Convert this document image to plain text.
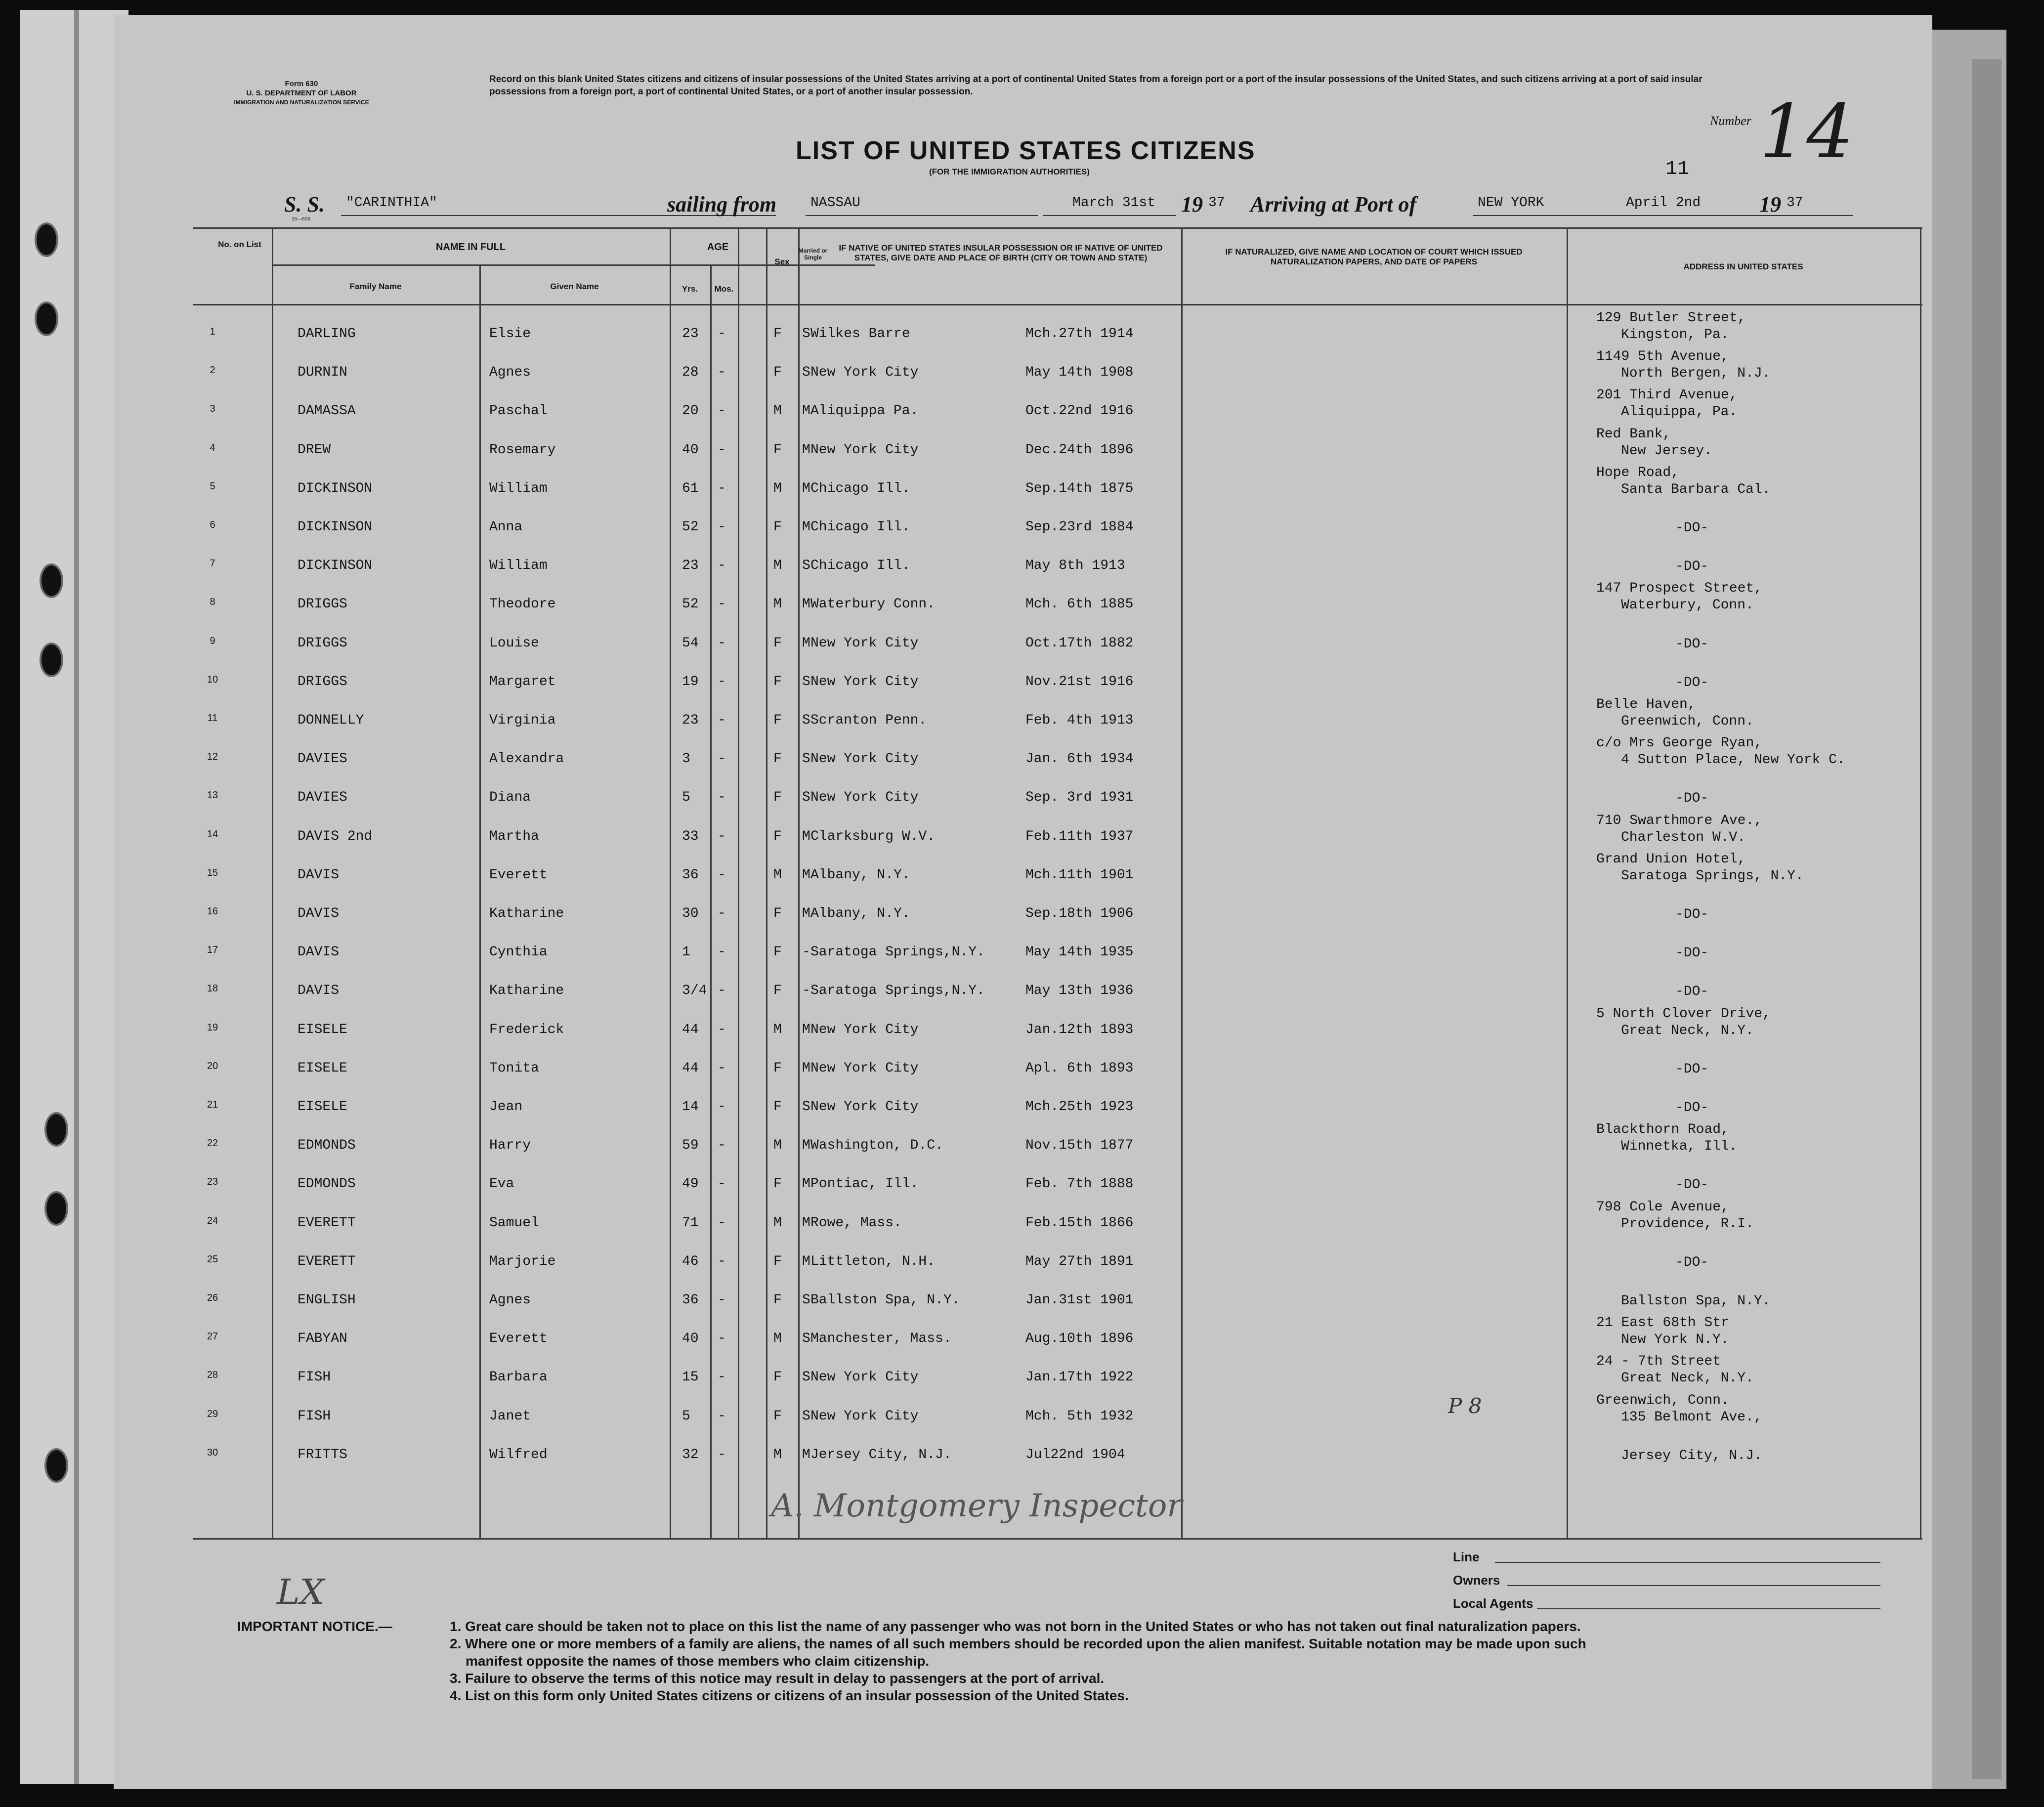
Form 630
U. S. DEPARTMENT OF LABOR
IMMIGRATION AND NATURALIZATION SERVICE
Record on this blank United States citizens and citizens of insular possessions of the United States arriving at a port of continental United States from a foreign port or a port of the insular possessions of the United States, and such citizens arriving at a port of said insular possessions from a foreign port, a port of continental United States, or a port of another insular possession.
Number 14
LIST OF UNITED STATES CITIZENS
(FOR THE IMMIGRATION AUTHORITIES)	11
S. S. "CARINTHIA"
16—606
sailing from NASSAU	March 31st 19 37 Arriving at Port of	NEW YORK	April 2nd	19 37
No. on List	NAME IN FULL
Family Name	Given Name
AGE
Yrs.	Mos.
Sex
Married or Single
IF NATIVE OF UNITED STATES INSULAR POSSESSION OR IF NATIVE OF UNITED STATES, GIVE DATE AND PLACE OF BIRTH (CITY OR TOWN AND STATE)
IF NATURALIZED, GIVE NAME AND LOCATION OF COURT WHICH ISSUED NATURALIZATION PAPERS, AND DATE OF PAPERS
ADDRESS IN UNITED STATES
1	DARLING	Elsie	23 -	F S Wilkes Barre	Mch.27th 1914
129 Butler Street,
Kingston, Pa.
2	DURNIN	Agnes	28 -	F S New York City	May 14th 1908
1149 5th Avenue,
North Bergen, N.J.
3	DAMASSA	Paschal	20 -	M M Aliquippa Pa.	Oct.22nd 1916
201 Third Avenue,
Aliquippa, Pa.
4	DREW	Rosemary	40 -	F M New York City	Dec.24th 1896
Red Bank,
New Jersey.
5	DICKINSON	William	61 -	M M Chicago Ill.	Sep.14th 1875
Hope Road,
Santa Barbara Cal.
6	DICKINSON	Anna	52 -	F M Chicago Ill.	Sep.23rd 1884	-DO-
7	DICKINSON	William	23 -	M S Chicago Ill.	May 8th 1913	-DO-
8	DRIGGS	Theodore	52 -	M M Waterbury Conn.	Mch. 6th 1885
147 Prospect Street,
Waterbury, Conn.
9	DRIGGS	Louise	54 -	F M New York City	Oct.17th 1882	-DO-
10	DRIGGS	Margaret	19 -	F S New York City	Nov.21st 1916	-DO-
11	DONNELLY	Virginia	23 -	F S Scranton Penn.	Feb. 4th 1913
Belle Haven,
Greenwich, Conn.
12	DAVIES	Alexandra	3 -	F S New York City	Jan. 6th 1934
c/o Mrs George Ryan,
4 Sutton Place, New York C.
13	DAVIES	Diana	5 -	F S New York City	Sep. 3rd 1931	-DO-
14	DAVIS 2nd	Martha	33 -	F M Clarksburg W.V.	Feb.11th 1937
710 Swarthmore Ave.,
Charleston W.V.
15	DAVIS	Everett	36 -	M M Albany, N.Y.	Mch.11th 1901
Grand Union Hotel,
Saratoga Springs, N.Y.
16	DAVIS	Katharine	30 -	F M Albany, N.Y.	Sep.18th 1906	-DO-
17	DAVIS	Cynthia	1 -	F - Saratoga Springs,N.Y.	May 14th 1935	-DO-
18	DAVIS	Katharine	3/4 -	F - Saratoga Springs,N.Y.	May 13th 1936	-DO-
19	EISELE	Frederick	44 -	M M New York City	Jan.12th 1893
5 North Clover Drive,
Great Neck, N.Y.
20	EISELE	Tonita	44 -	F M New York City	Apl. 6th 1893	-DO-
21	EISELE	Jean	14 -	F S New York City	Mch.25th 1923	-DO-
22	EDMONDS	Harry	59 -	M M Washington, D.C.	Nov.15th 1877
Blackthorn Road,
Winnetka, Ill.
23	EDMONDS	Eva	49 -	F M Pontiac, Ill.	Feb. 7th 1888	-DO-
24	EVERETT	Samuel	71 -	M M Rowe, Mass.	Feb.15th 1866
798 Cole Avenue,
Providence, R.I.
25	EVERETT	Marjorie	46 -	F M Littleton, N.H.	May 27th 1891	-DO-
26	ENGLISH	Agnes	36 -	F S Ballston Spa, N.Y.	Jan.31st 1901	Ballston Spa, N.Y.
27	FABYAN	Everett	40 -	M S Manchester, Mass.	Aug.10th 1896
21 East 68th Str
New York N.Y.
28	FISH	Barbara	15 -	F S New York City	Jan.17th 1922
24 - 7th Street
Great Neck, N.Y.
29	FISH	Janet	5 -	F S New York City	Mch. 5th 1932
Greenwich, Conn.
135 Belmont Ave.,
30	FRITTS	Wilfred	32 -	M M Jersey City, N.J.	Jul22nd 1904	Jersey City, N.J.
P 8
A. Montgomery Inspector
LX
Line
Owners
Local Agents
IMPORTANT NOTICE.—	1. Great care should be taken not to place on this list the name of any passenger who was not born in the United States or who has not taken out final naturalization papers.
2. Where one or more members of a family are aliens, the names of all such members should be recorded upon the alien manifest. Suitable notation may be made upon such
manifest opposite the names of those members who claim citizenship.
3. Failure to observe the terms of this notice may result in delay to passengers at the port of arrival.
4. List on this form only United States citizens or citizens of an insular possession of the United States.
